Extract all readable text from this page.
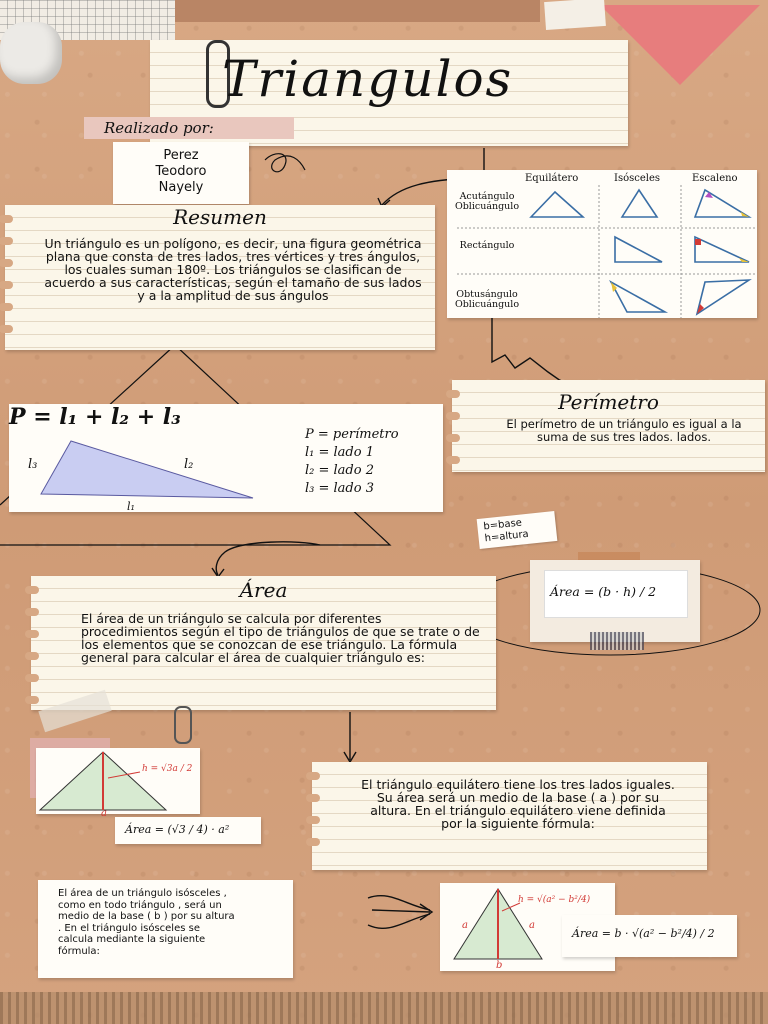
Triangulos
Realizado por:
Perez
Teodoro
Nayely
Equilátero	Isósceles	Escaleno
Acutángulo Oblicuángulo
Rectángulo
Obtusángulo Oblicuángulo
Resumen
Un triángulo es un polígono, es decir, una figura geométrica plana que consta de tres lados, tres vértices y tres ángulos, los cuales suman 180º. Los triángulos se clasifican de acuerdo a sus características, según el tamaño de sus lados y a la amplitud de sus ángulos
P = l₁ + l₂ + l₃
l₃	l₂
l₁
P = perímetro
l₁ = lado 1
l₂ = lado 2
l₃ = lado 3
Perímetro
El perímetro de un triángulo es igual a la suma de sus tres lados. lados.
b=base
h=altura
Área = (b · h) / 2
Área
El área de un triángulo se calcula por diferentes procedimientos según el tipo de triángulos de que se trate o de los elementos que se conozcan de ese triángulo. La fórmula general para calcular el área de cualquier triángulo es:
h = √3a / 2
a
Área = (√3 / 4) · a²
El triángulo equilátero tiene los tres lados iguales. Su área será un medio de la base ( a ) por su altura. En el triángulo equilátero viene definida por la siguiente fórmula:
El área de un triángulo isósceles , como en todo triángulo , será un medio de la base ( b ) por su altura . En el triángulo isósceles se calcula mediante la siguiente fórmula:
h = √(a² − b²/4)
a	a
b
Área = b · √(a² − b²/4) / 2
